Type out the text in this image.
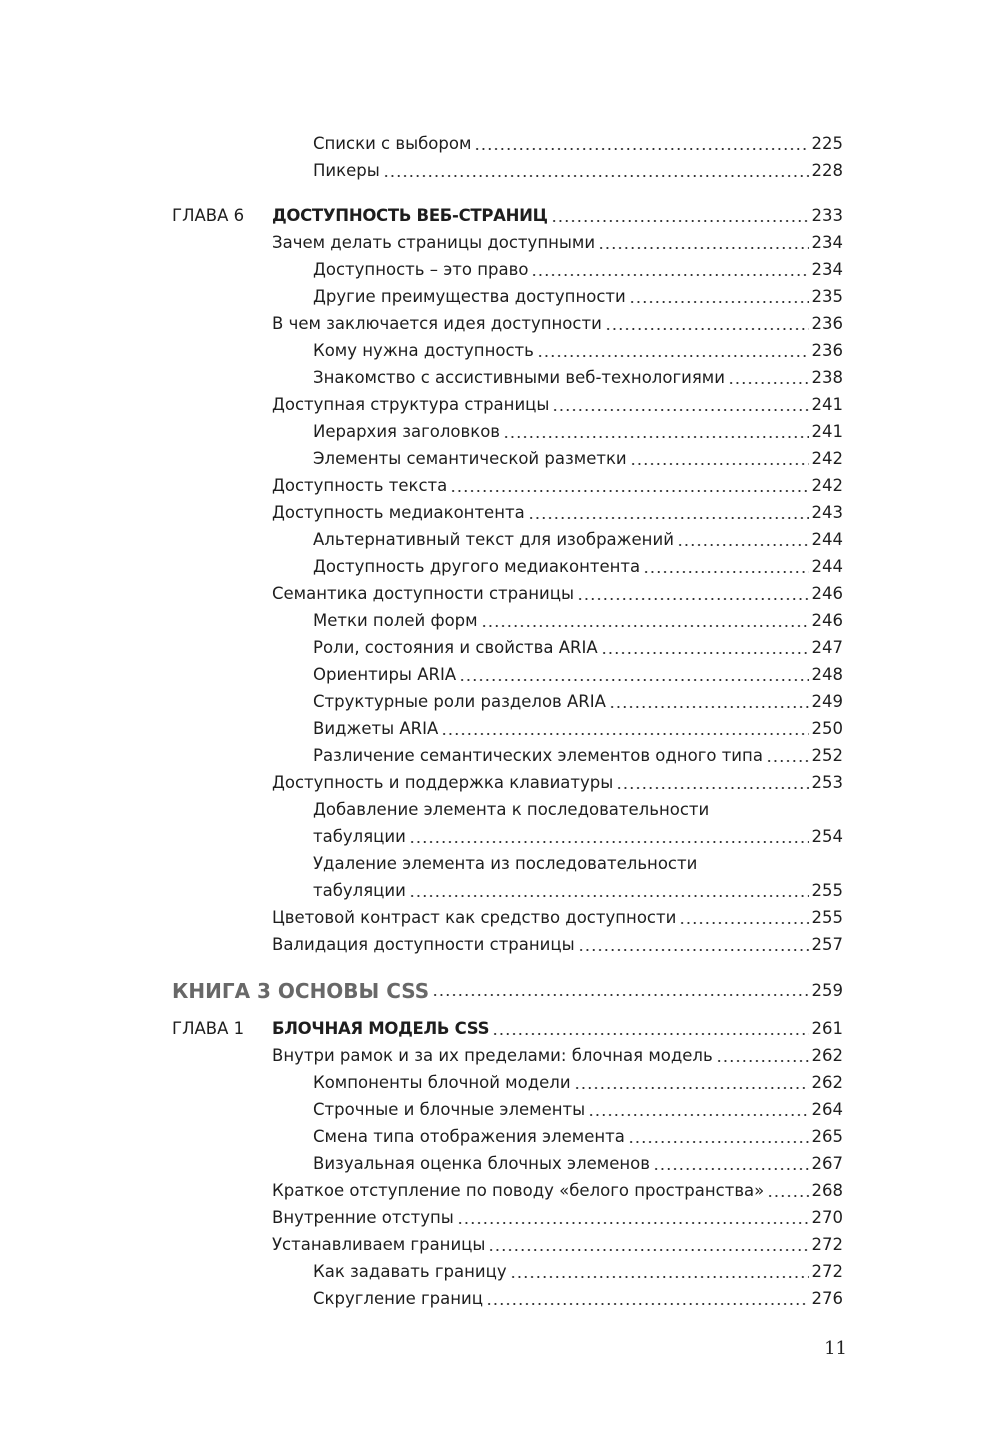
Списки с выбором	225
Пикеры	228
ГЛАВА 6 ДОСТУПНОСТЬ ВЕБ-СТРАНИЦ	233
Зачем делать страницы доступными	234
Доступность – это право	234
Другие преимущества доступности	235
В чем заключается идея доступности	236
Кому нужна доступность	236
Знакомство с ассистивными веб-технологиями	238
Доступная структура страницы	241
Иерархия заголовков	241
Элементы семантической разметки	242
Доступность текста	242
Доступность медиаконтента	243
Альтернативный текст для изображений	244
Доступность другого медиаконтента	244
Семантика доступности страницы	246
Метки полей форм	246
Роли, состояния и свойства ARIA	247
Ориентиры ARIA	248
Структурные роли разделов ARIA	249
Виджеты ARIA	250
Различение семантических элементов одного типа	252
Доступность и поддержка клавиатуры	253
Добавление элемента к последовательности
табуляции	254
Удаление элемента из последовательности
табуляции	255
Цветовой контраст как средство доступности	255
Валидация доступности страницы	257
КНИГА 3 ОСНОВЫ CSS	259
ГЛАВА 1 БЛОЧНАЯ МОДЕЛЬ CSS	261
Внутри рамок и за их пределами: блочная модель	262
Компоненты блочной модели	262
Строчные и блочные элементы	264
Смена типа отображения элемента	265
Визуальная оценка блочных элеменов	267
Краткое отступление по поводу «белого пространства»	268
Внутренние отступы	270
Устанавливаем границы	272
Как задавать границу	272
Скругление границ	276
11
